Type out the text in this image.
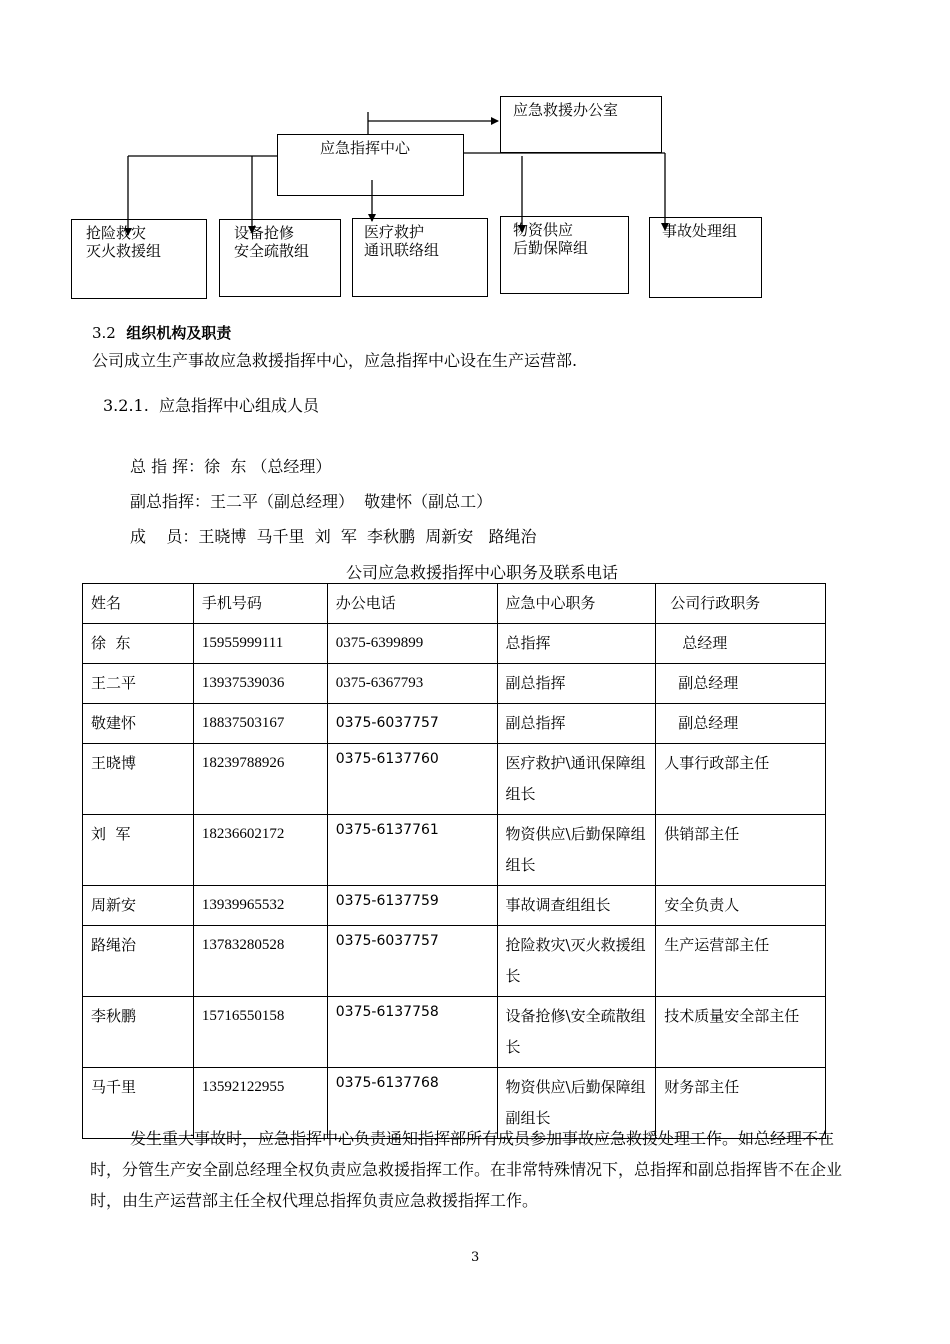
应急救援办公室
应急指挥中心
抢险救灾
灭火救援组
设备抢修
安全疏散组
医疗救护
通讯联络组
物资供应
后勤保障组
事故处理组
3.2 组织机构及职责
公司成立生产事故应急救援指挥中心，应急指挥中心设在生产运营部.
3.2.1. 应急指挥中心组成人员
总 指 挥：徐  东 （总经理）
副总指挥：王二平（副总经理）  敬建怀（副总工）
成    员：王晓博  马千里  刘  军  李秋鹏  周新安   路绳治
公司应急救援指挥中心职务及联系电话
姓名	手机号码	办公电话	应急中心职务	公司行政职务
徐  东	15955999111	0375-6399899	总指挥	总经理
王二平	13937539036	0375-6367793	副总指挥	副总经理
敬建怀	18837503167	0375-6037757	副总指挥	副总经理
王晓博	18239788926	0375-6137760	医疗救护\通讯保障组组长	人事行政部主任
刘  军	18236602172	0375-6137761	物资供应\后勤保障组组长	供销部主任
周新安	13939965532	0375-6137759	事故调查组组长	安全负责人
路绳治	13783280528	0375-6037757	抢险救灾\灭火救援组长	生产运营部主任
李秋鹏	15716550158	0375-6137758	设备抢修\安全疏散组长	技术质量安全部主任
马千里	13592122955	0375-6137768	物资供应\后勤保障组副组长	财务部主任
发生重大事故时，应急指挥中心负责通知指挥部所有成员参加事故应急救援处理工作。如总经理不在时，分管生产安全副总经理全权负责应急救援指挥工作。在非常特殊情况下，总指挥和副总指挥皆不在企业时，由生产运营部主任全权代理总指挥负责应急救援指挥工作。
3
